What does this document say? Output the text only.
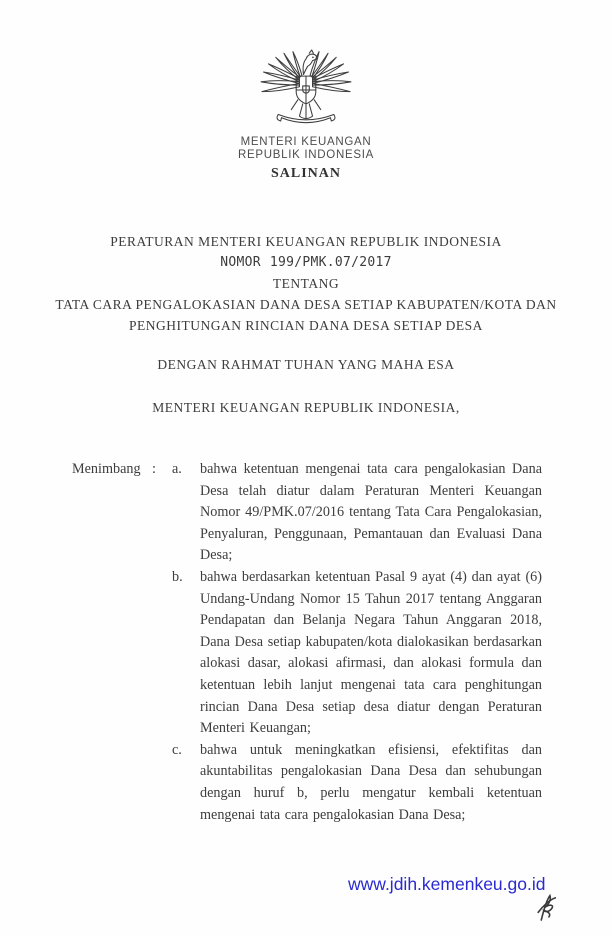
MENTERI KEUANGAN
REPUBLIK INDONESIA
SALINAN
PERATURAN MENTERI KEUANGAN REPUBLIK INDONESIA
NOMOR 199/PMK.07/2017
TENTANG
TATA CARA PENGALOKASIAN DANA DESA SETIAP KABUPATEN/KOTA DAN
PENGHITUNGAN RINCIAN DANA DESA SETIAP DESA
DENGAN RAHMAT TUHAN YANG MAHA ESA
MENTERI KEUANGAN REPUBLIK INDONESIA,
Menimbang :	a.	bahwa ketentuan mengenai tata cara pengalokasian Dana Desa telah diatur dalam Peraturan Menteri Keuangan Nomor 49/PMK.07/2016 tentang Tata Cara Pengalokasian, Penyaluran, Penggunaan, Pemantauan dan Evaluasi Dana Desa;
b.	bahwa berdasarkan ketentuan Pasal 9 ayat (4) dan ayat (6) Undang-Undang Nomor 15 Tahun 2017 tentang Anggaran Pendapatan dan Belanja Negara Tahun Anggaran 2018, Dana Desa setiap kabupaten/kota dialokasikan berdasarkan alokasi dasar, alokasi afirmasi, dan alokasi formula dan ketentuan lebih lanjut mengenai tata cara penghitungan rincian Dana Desa setiap desa diatur dengan Peraturan Menteri Keuangan;
c.	bahwa untuk meningkatkan efisiensi, efektifitas dan akuntabilitas pengalokasian Dana Desa dan sehubungan dengan huruf b, perlu mengatur kembali ketentuan mengenai tata cara pengalokasian Dana Desa;
www.jdih.kemenkeu.go.id
